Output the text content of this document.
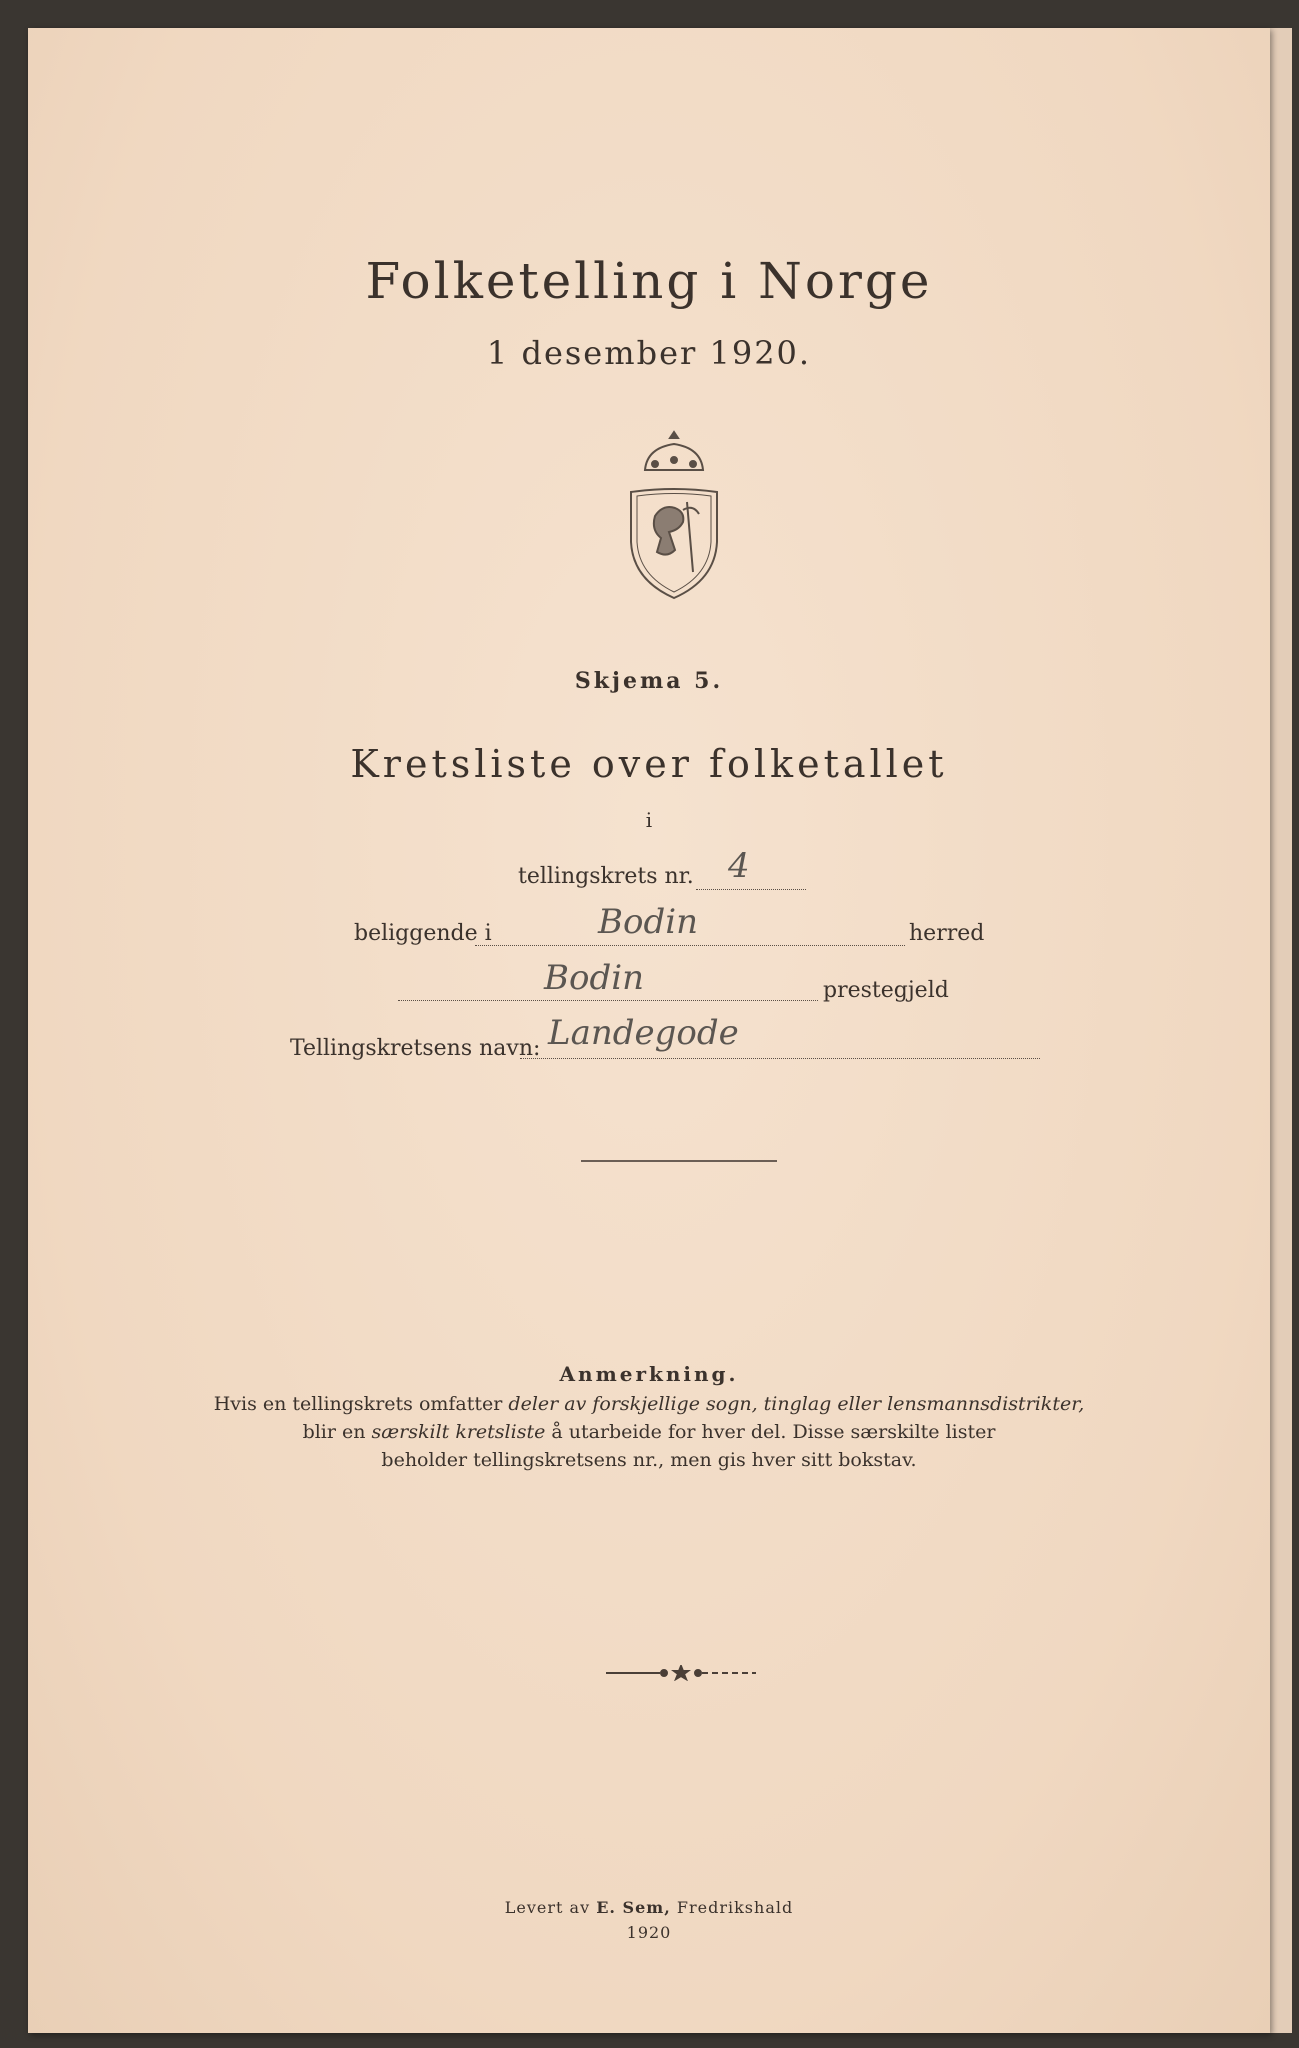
Folketelling i Norge
1 desember 1920.
Skjema 5.
Kretsliste over folketallet
i
tellingskrets nr. 4
beliggende i	Bodin	herred
Bodin	prestegjeld
Tellingskretsens navn: Landegode
Anmerkning.
Hvis en tellingskrets omfatter deler av forskjellige sogn, tinglag eller lensmannsdistrikter,
blir en særskilt kretsliste å utarbeide for hver del. Disse særskilte lister
beholder tellingskretsens nr., men gis hver sitt bokstav.
Levert av E. Sem, Fredrikshald
1920
